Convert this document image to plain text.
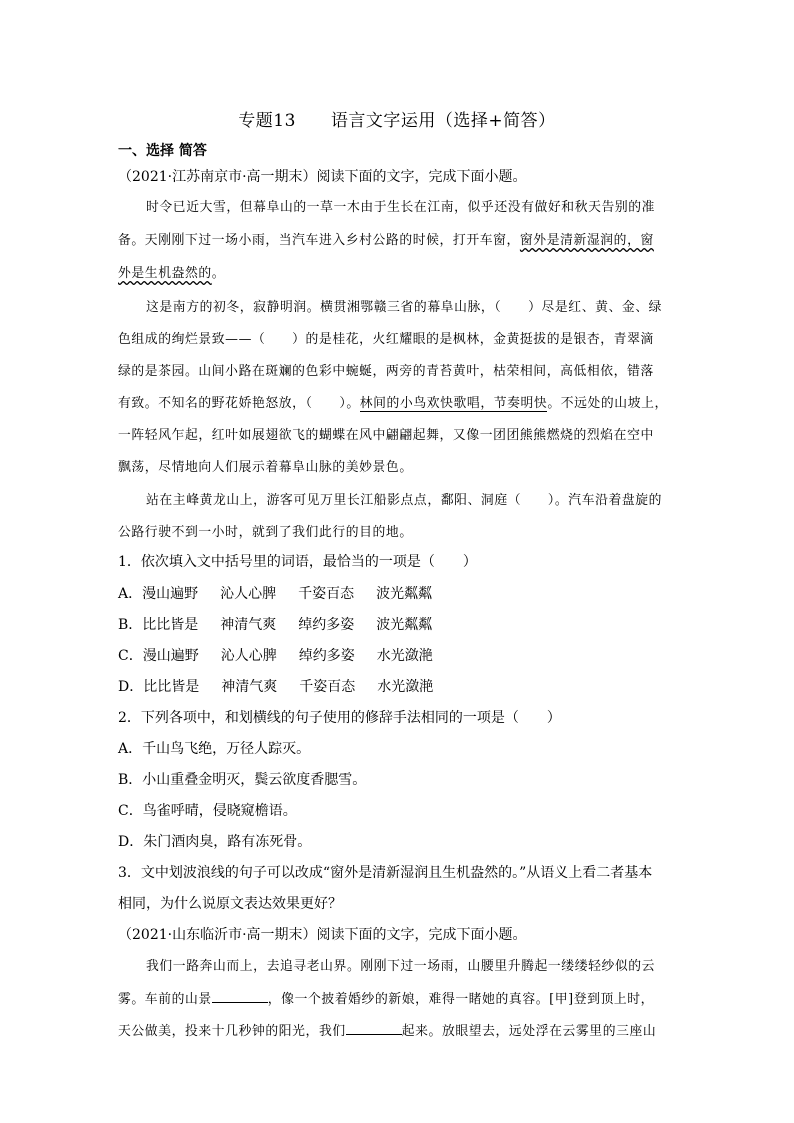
专题13　　语言文字运用（选择+简答）
一、选择 简答
（2021·江苏南京市·高一期末）阅读下面的文字，完成下面小题。
时令已近大雪，但幕阜山的一草一木由于生长在江南，似乎还没有做好和秋天告别的准
备。天刚刚下过一场小雨，当汽车进入乡村公路的时候，打开车窗，窗外是清新湿润的，窗
外是生机盎然的。
这是南方的初冬，寂静明润。横贯湘鄂赣三省的幕阜山脉，（　　）尽是红、黄、金、绿
色组成的绚烂景致——（　　）的是桂花，火红耀眼的是枫林，金黄挺拔的是银杏，青翠滴
绿的是茶园。山间小路在斑斓的色彩中蜿蜒，两旁的青苔黄叶，枯荣相间，高低相依，错落
有致。不知名的野花娇艳怒放，（　　）。林间的小鸟欢快歌唱，节奏明快。不远处的山坡上，
一阵轻风乍起，红叶如展翅欲飞的蝴蝶在风中翩翩起舞，又像一团团熊熊燃烧的烈焰在空中
飘荡，尽情地向人们展示着幕阜山脉的美妙景色。
站在主峰黄龙山上，游客可见万里长江船影点点，鄱阳、洞庭（　　）。汽车沿着盘旋的
公路行驶不到一小时，就到了我们此行的目的地。
1．依次填入文中括号里的词语，最恰当的一项是（　　）
A．漫山遍野 沁人心脾 千姿百态 波光粼粼
B．比比皆是 神清气爽 绰约多姿 波光粼粼
C．漫山遍野 沁人心脾 绰约多姿 水光潋滟
D．比比皆是 神清气爽 千姿百态 水光潋滟
2．下列各项中，和划横线的句子使用的修辞手法相同的一项是（　　）
A．千山鸟飞绝，万径人踪灭。
B．小山重叠金明灭，鬓云欲度香腮雪。
C．鸟雀呼晴，侵晓窥檐语。
D．朱门酒肉臭，路有冻死骨。
3．文中划波浪线的句子可以改成“窗外是清新湿润且生机盎然的。”从语义上看二者基本
相同，为什么说原文表达效果更好？
（2021·山东临沂市·高一期末）阅读下面的文字，完成下面小题。
我们一路奔山而上，去追寻老山界。刚刚下过一场雨，山腰里升腾起一缕缕轻纱似的云
雾。车前的山景	，像一个披着婚纱的新娘，难得一睹她的真容。[甲]登到顶上时，
天公做美，投来十几秒钟的阳光，我们	起来。放眼望去，远处浮在云雾里的三座山
